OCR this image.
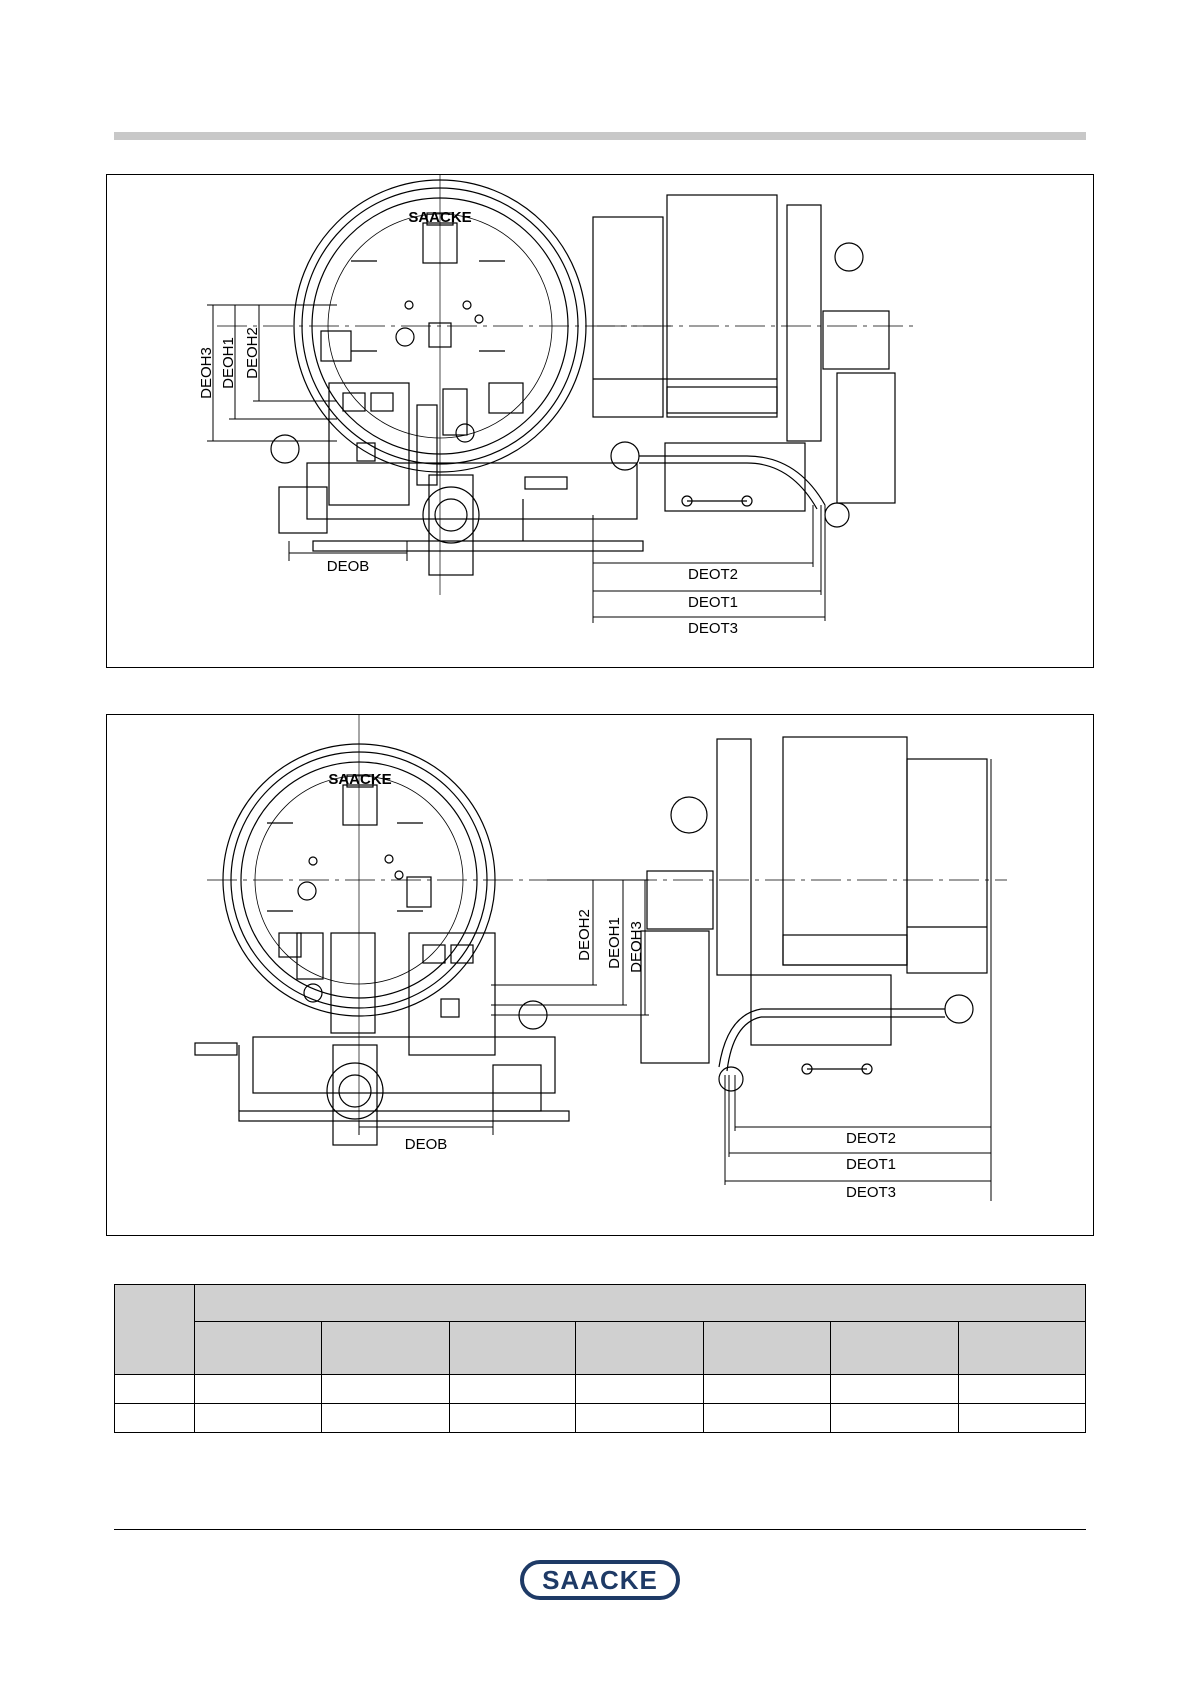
SAACKE
DEOH3 DEOH1 DEOH2
DEOB	DEOT2
DEOT1
DEOT3
SAACKE
DEOH2 DEOH1 DEOH3
DEOB	DEOT2
DEOT1
DEOT3

SAACKE
